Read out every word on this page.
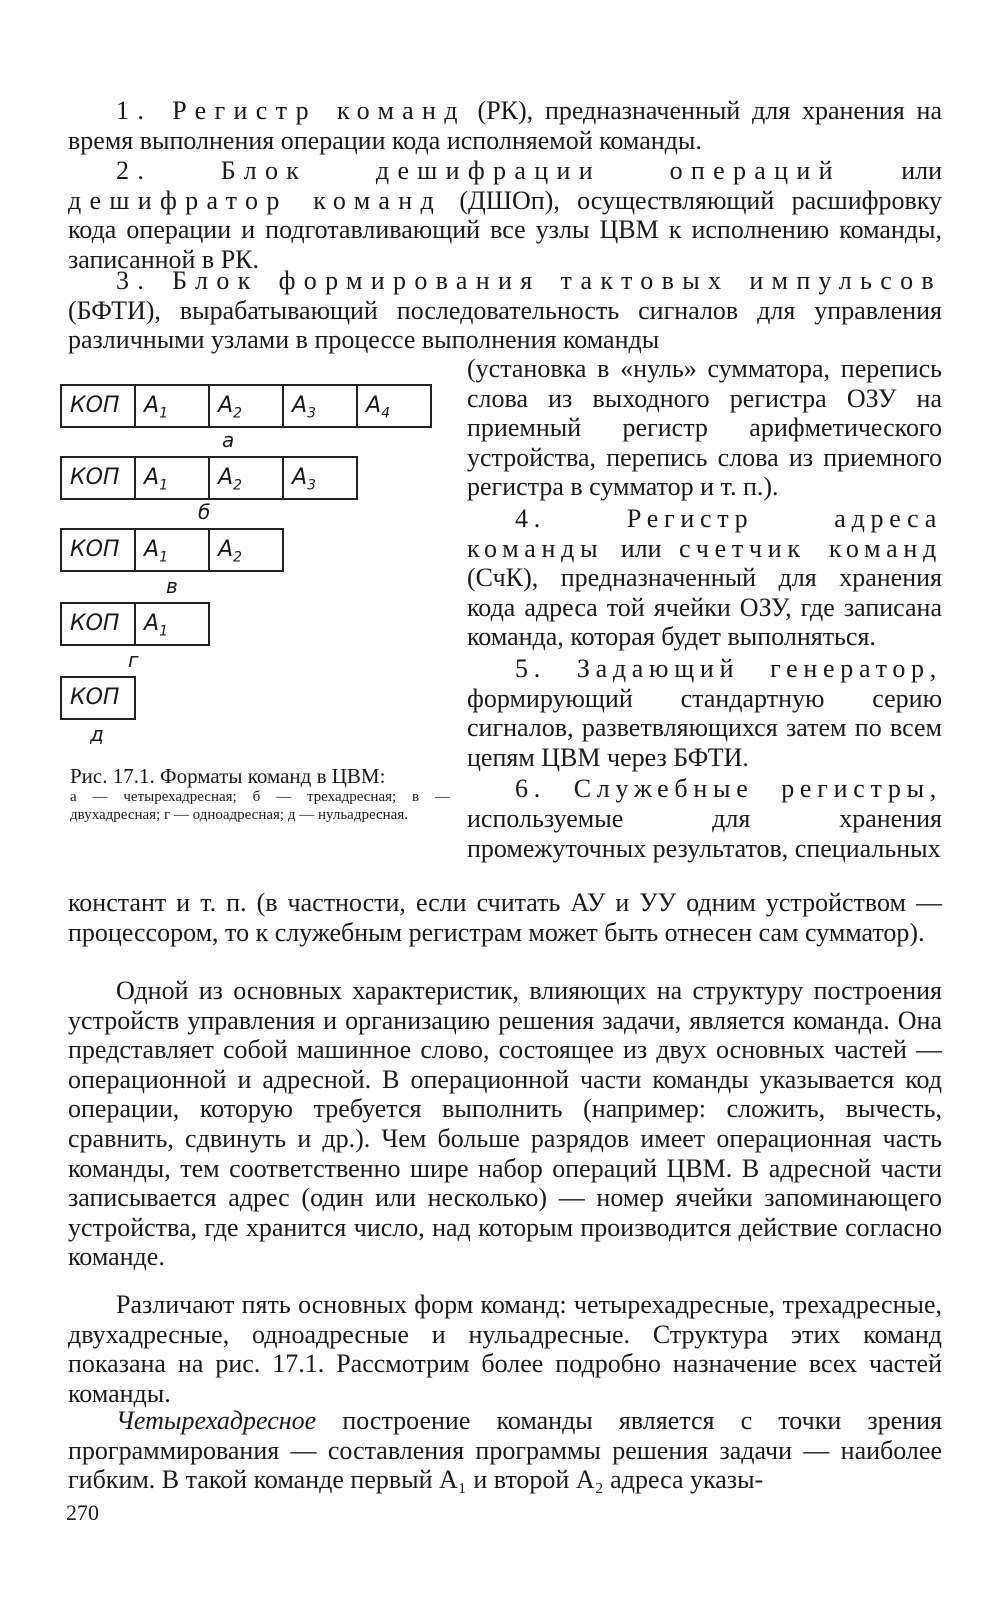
1. Регистр команд (РК), предназначенный для хранения на время выполнения операции кода исполняемой команды.

2. Блок дешифрации операций или дешифратор команд (ДШОп), осуществляющий расшифровку кода операции и подготавливающий все узлы ЦВМ к исполнению команды, записанной в РК.

3. Блок формирования тактовых импульсов (БФТИ), вырабатывающий последовательность сигналов для управления различными узлами в процессе выполнения команды

(установка в «нуль» сумматора, перепись слова из выходного регистра ОЗУ на приемный регистр арифметического устройства, перепись слова из приемного регистра в сумматор и т. п.).

4. Регистр адреса команды или счетчик команд (СчК), предназначенный для хранения кода адреса той ячейки ОЗУ, где записана команда, которая будет выполняться.

5. Задающий генератор, формирующий стандартную серию сигналов, разветвляющихся затем по всем цепям ЦВМ через БФТИ.

6. Служебные регистры, используемые для хранения промежуточных результатов, специальных

КОП	$A_1$	$A_2$	$A_3$	$A_4$
а
КОП	$A_1$	$A_2$	$A_3$
б
КОП	$A_1$	$A_2$
в
КОП	$A_1$
г
КОП
д

Рис. 17.1. Форматы команд в ЦВМ:

а — четырехадресная; б — трехадресная; в — двухадресная; г — одноадресная; д — нульадресная.

констант и т. п. (в частности, если считать АУ и УУ одним устройством — процессором, то к служебным регистрам может быть отнесен сам сумматор).

Одной из основных характеристик, влияющих на структуру построения устройств управления и организацию решения задачи, является команда. Она представляет собой машинное слово, состоящее из двух основных частей — операционной и адресной. В операционной части команды указывается код операции, которую требуется выполнить (например: сложить, вычесть, сравнить, сдвинуть и др.). Чем больше разрядов имеет операционная часть команды, тем соответственно шире набор операций ЦВМ. В адресной части записывается адрес (один или несколько) — номер ячейки запоминающего устройства, где хранится число, над которым производится действие согласно команде.

Различают пять основных форм команд: четырехадресные, трехадресные, двухадресные, одноадресные и нульадресные. Структура этих команд показана на рис. 17.1. Рассмотрим более подробно назначение всех частей команды.

Четырехадресное построение команды является с точки зрения программирования — составления программы решения задачи — наиболее гибким. В такой команде первый A₁ и второй A₂ адреса указы-

270
